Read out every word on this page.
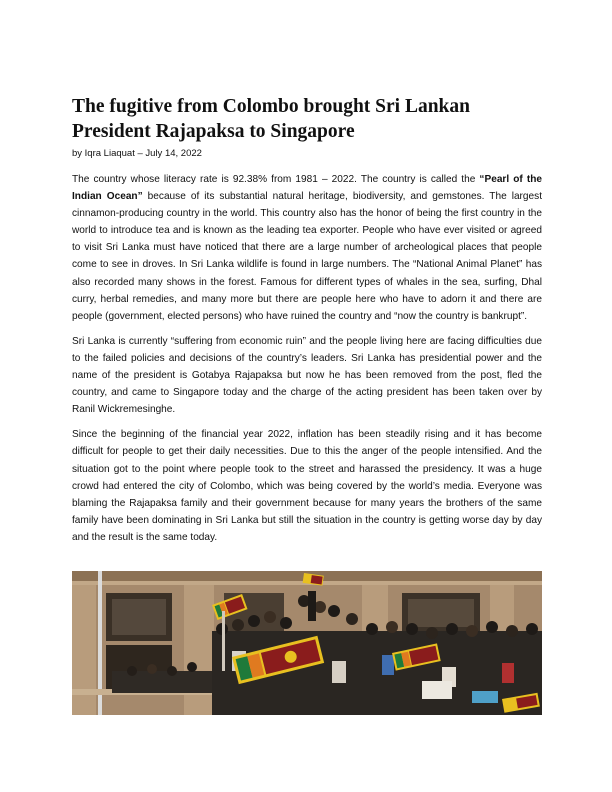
The fugitive from Colombo brought Sri Lankan
President Rajapaksa to Singapore
by Iqra Liaquat – July 14, 2022

The country whose literacy rate is 92.38% from 1981 – 2022. The country is called the “Pearl of the Indian Ocean” because of its substantial natural heritage, biodiversity, and gemstones. The largest cinnamon-producing country in the world. This country also has the honor of being the first country in the world to introduce tea and is known as the leading tea exporter. People who have ever visited or agreed to visit Sri Lanka must have noticed that there are a large number of archeological places that people come to see in droves. In Sri Lanka wildlife is found in large numbers. The “National Animal Planet” has also recorded many shows in the forest. Famous for different types of whales in the sea, surfing, Dhal curry, herbal remedies, and many more but there are people here who have to adorn it and there are people (government, elected persons) who have ruined the country and “now the country is bankrupt”.

Sri Lanka is currently “suffering from economic ruin” and the people living here are facing difficulties due to the failed policies and decisions of the country’s leaders. Sri Lanka has presidential power and the name of the president is Gotabya Rajapaksa but now he has been removed from the post, fled the country, and came to Singapore today and the charge of the acting president has been taken over by Ranil Wickremesinghe.

Since the beginning of the financial year 2022, inflation has been steadily rising and it has become difficult for people to get their daily necessities. Due to this the anger of the people intensified. And the situation got to the point where people took to the street and harassed the presidency. It was a huge crowd had entered the city of Colombo, which was being covered by the world’s media. Everyone was blaming the Rajapaksa family and their government because for many years the brothers of the same family have been dominating in Sri Lanka but still the situation in the country is getting worse day by day and the result is the same today.
